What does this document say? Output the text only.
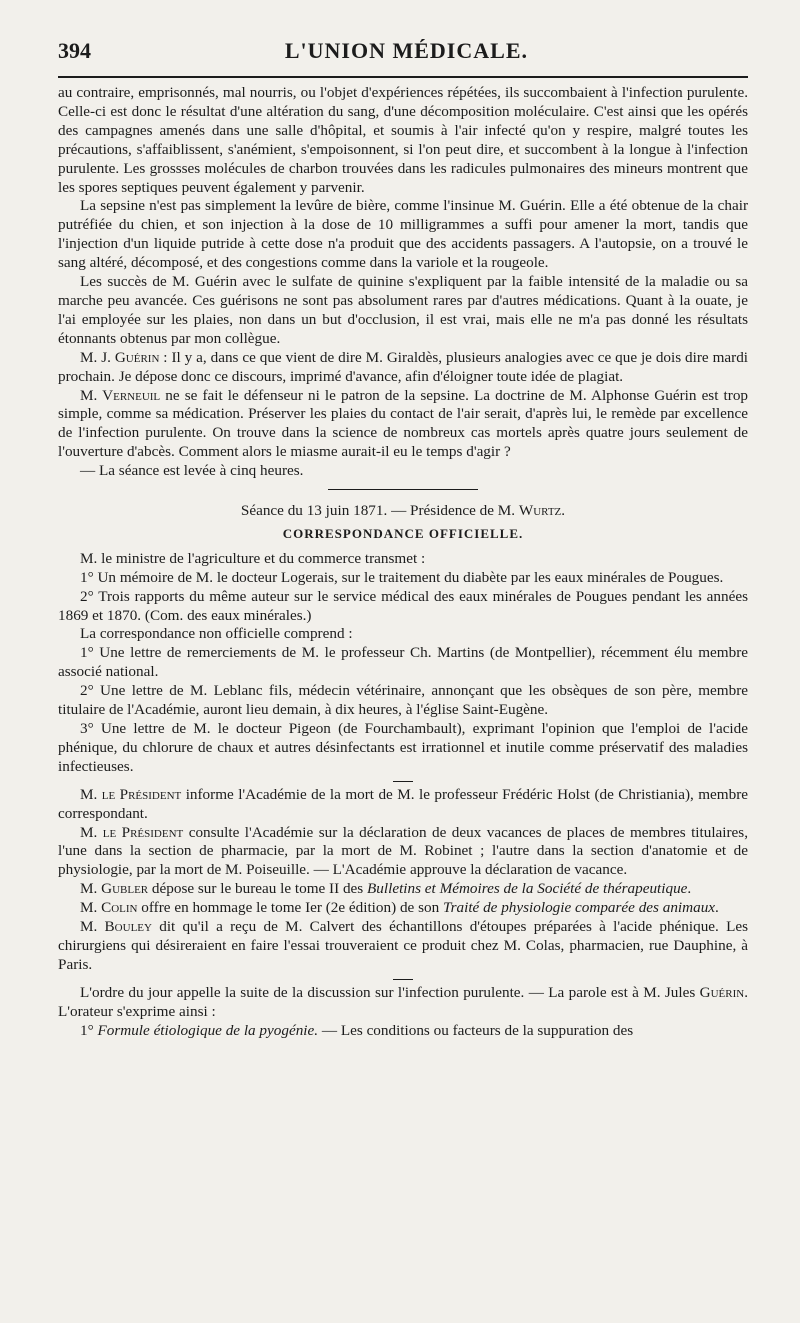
394	L'UNION MÉDICALE.

au contraire, emprisonnés, mal nourris, ou l'objet d'expériences répétées, ils succombaient à l'infection purulente. Celle-ci est donc le résultat d'une altération du sang, d'une décomposition moléculaire. C'est ainsi que les opérés des campagnes amenés dans une salle d'hôpital, et soumis à l'air infecté qu'on y respire, malgré toutes les précautions, s'affaiblissent, s'anémient, s'empoisonnent, si l'on peut dire, et succombent à la longue à l'infection purulente. Les grossses molécules de charbon trouvées dans les radicules pulmonaires des mineurs montrent que les spores septiques peuvent également y parvenir.

La sepsine n'est pas simplement la levûre de bière, comme l'insinue M. Guérin. Elle a été obtenue de la chair putréfiée du chien, et son injection à la dose de 10 milligrammes a suffi pour amener la mort, tandis que l'injection d'un liquide putride à cette dose n'a produit que des accidents passagers. A l'autopsie, on a trouvé le sang altéré, décomposé, et des congestions comme dans la variole et la rougeole.

Les succès de M. Guérin avec le sulfate de quinine s'expliquent par la faible intensité de la maladie ou sa marche peu avancée. Ces guérisons ne sont pas absolument rares par d'autres médications. Quant à la ouate, je l'ai employée sur les plaies, non dans un but d'occlusion, il est vrai, mais elle ne m'a pas donné les résultats étonnants obtenus par mon collègue.

M. J. Guérin : Il y a, dans ce que vient de dire M. Giraldès, plusieurs analogies avec ce que je dois dire mardi prochain. Je dépose donc ce discours, imprimé d'avance, afin d'éloigner toute idée de plagiat.

M. Verneuil ne se fait le défenseur ni le patron de la sepsine. La doctrine de M. Alphonse Guérin est trop simple, comme sa médication. Préserver les plaies du contact de l'air serait, d'après lui, le remède par excellence de l'infection purulente. On trouve dans la science de nombreux cas mortels après quatre jours seulement de l'ouverture d'abcès. Comment alors le miasme aurait-il eu le temps d'agir ?

— La séance est levée à cinq heures.

Séance du 13 juin 1871. — Présidence de M. Wurtz.
CORRESPONDANCE OFFICIELLE.

M. le ministre de l'agriculture et du commerce transmet :

1° Un mémoire de M. le docteur Logerais, sur le traitement du diabète par les eaux minérales de Pougues.

2° Trois rapports du même auteur sur le service médical des eaux minérales de Pougues pendant les années 1869 et 1870. (Com. des eaux minérales.)

La correspondance non officielle comprend :

1° Une lettre de remerciements de M. le professeur Ch. Martins (de Montpellier), récemment élu membre associé national.

2° Une lettre de M. Leblanc fils, médecin vétérinaire, annonçant que les obsèques de son père, membre titulaire de l'Académie, auront lieu demain, à dix heures, à l'église Saint-Eugène.

3° Une lettre de M. le docteur Pigeon (de Fourchambault), exprimant l'opinion que l'emploi de l'acide phénique, du chlorure de chaux et autres désinfectants est irrationnel et inutile comme préservatif des maladies infectieuses.

M. le Président informe l'Académie de la mort de M. le professeur Frédéric Holst (de Christiania), membre correspondant.

M. le Président consulte l'Académie sur la déclaration de deux vacances de places de membres titulaires, l'une dans la section de pharmacie, par la mort de M. Robinet ; l'autre dans la section d'anatomie et de physiologie, par la mort de M. Poiseuille. — L'Académie approuve la déclaration de vacance.

M. Gubler dépose sur le bureau le tome II des Bulletins et Mémoires de la Société de thérapeutique.

M. Colin offre en hommage le tome Ier (2e édition) de son Traité de physiologie comparée des animaux.

M. Bouley dit qu'il a reçu de M. Calvert des échantillons d'étoupes préparées à l'acide phénique. Les chirurgiens qui désireraient en faire l'essai trouveraient ce produit chez M. Colas, pharmacien, rue Dauphine, à Paris.

L'ordre du jour appelle la suite de la discussion sur l'infection purulente. — La parole est à M. Jules Guérin. L'orateur s'exprime ainsi :

1° Formule étiologique de la pyogénie. — Les conditions ou facteurs de la suppuration des
